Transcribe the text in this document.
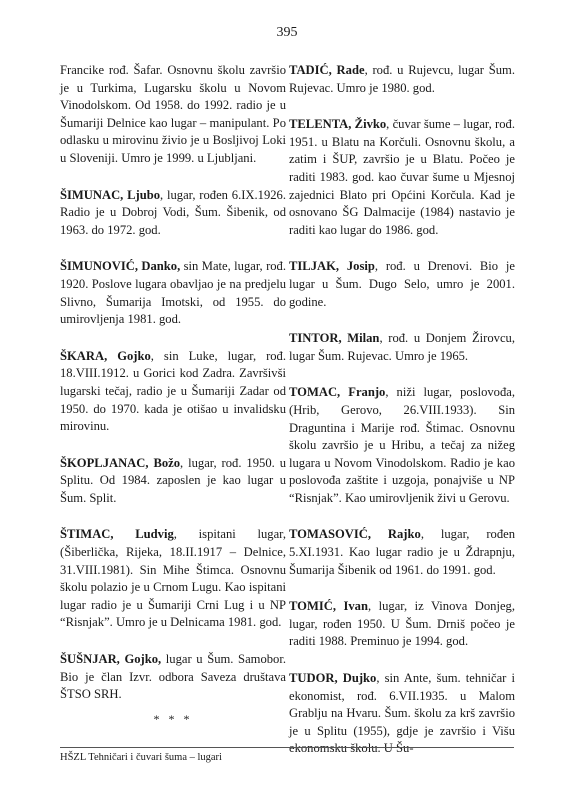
395

Francike rođ. Šafar. Osnovnu školu završio je u Turkima, Lugarsku školu u Novom Vinodolskom. Od 1958. do 1992. radio je u Šumariji Delnice kao lugar – manipulant. Po odlasku u mirovinu živio je u Bosljivoj Loki u Sloveniji. Umro je 1999. u Ljubljani.

ŠIMUNAC, Ljubo, lugar, rođen 6.IX.1926. Radio je u Dobroj Vodi, Šum. Šibenik, od 1963. do 1972. god.

ŠIMUNOVIĆ, Danko, sin Mate, lugar, rođ. 1920. Poslove lugara obavljao je na predjelu Slivno, Šumarija Imotski, od 1955. do umirovljenja 1981. god.

ŠKARA, Gojko, sin Luke, lugar, rođ. 18.VIII.1912. u Gorici kod Zadra. Završivši lugarski tečaj, radio je u Šumariji Zadar od 1950. do 1970. kada je otišao u invalidsku mirovinu.

ŠKOPLJANAC, Božo, lugar, rođ. 1950. u Splitu. Od 1984. zaposlen je kao lugar u Šum. Split.

ŠTIMAC, Ludvig, ispitani lugar, (Šiberlička, Rijeka, 18.II.1917 – Delnice, 31.VIII.1981). Sin Mihe Štimca. Osnovnu školu polazio je u Crnom Lugu. Kao ispitani lugar radio je u Šumariji Crni Lug i u NP “Risnjak”. Umro je u Delnicama 1981. god.

ŠUŠNJAR, Gojko, lugar u Šum. Samobor. Bio je član Izvr. odbora Saveza društava ŠTSO SRH.

* * *

TADIĆ, Rade, rođ. u Rujevcu, lugar Šum. Rujevac. Umro je 1980. god.

TELENTA, Živko, čuvar šume – lugar, rođ. 1951. u Blatu na Korčuli. Osnovnu školu, a zatim i ŠUP, završio je u Blatu. Počeo je raditi 1983. god. kao čuvar šume u Mjesnoj zajednici Blato pri Općini Korčula. Kad je osnovano ŠG Dalmacije (1984) nastavio je raditi kao lugar do 1986. god.

TILJAK, Josip, rođ. u Drenovi. Bio je lugar u Šum. Dugo Selo, umro je 2001. godine.

TINTOR, Milan, rođ. u Donjem Žirovcu, lugar Šum. Rujevac. Umro je 1965.

TOMAC, Franjo, niži lugar, poslovođa, (Hrib, Gerovo, 26.VIII.1933). Sin Draguntina i Marije rođ. Štimac. Osnovnu školu završio je u Hribu, a tečaj za nižeg lugara u Novom Vinodolskom. Radio je kao poslovođa zaštite i uzgoja, ponajviše u NP “Risnjak”. Kao umirovljenik živi u Gerovu.

TOMASOVIĆ, Rajko, lugar, rođen 5.XI.1931. Kao lugar radio je u Ždrapnju, Šumarija Šibenik od 1961. do 1991. god.

TOMIĆ, Ivan, lugar, iz Vinova Donjeg, lugar, rođen 1950. U Šum. Drniš počeo je raditi 1988. Preminuo je 1994. god.

TUDOR, Dujko, sin Ante, šum. tehničar i ekonomist, rođ. 6.VII.1935. u Malom Grablju na Hvaru. Šum. školu za krš završio je u Splitu (1955), gdje je završio i Višu ekonomsku školu. U Šu-

HŠZL Tehničari i čuvari šuma – lugari
